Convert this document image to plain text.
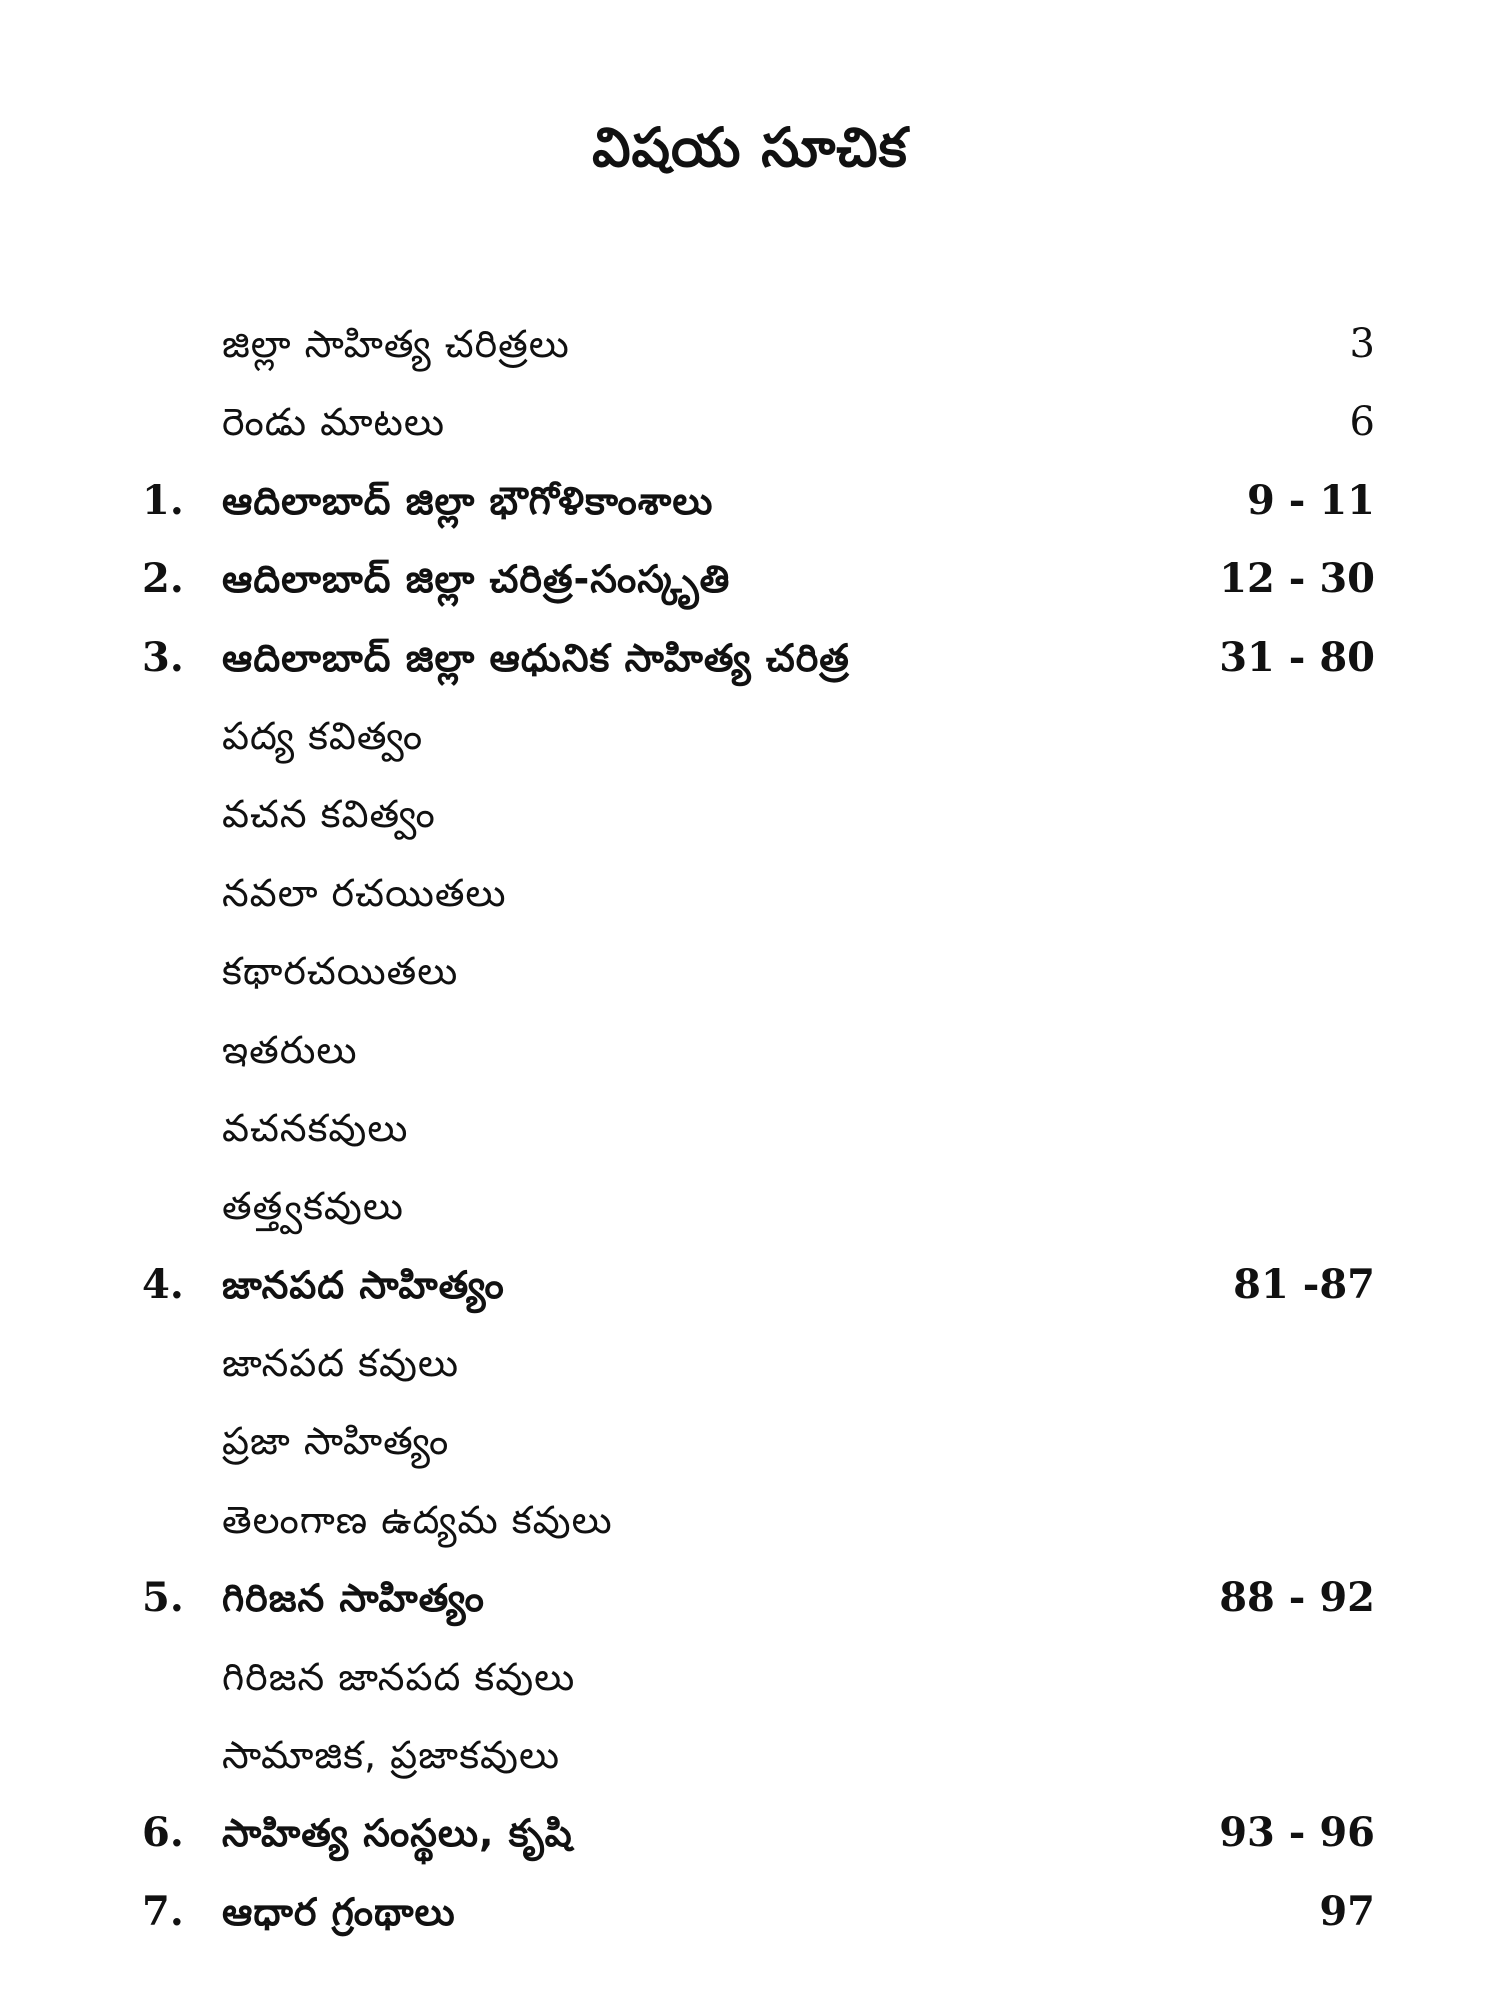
విషయ సూచిక
జిల్లా సాహిత్య చరిత్రలు	3
రెండు మాటలు	6
1.	ఆదిలాబాద్ జిల్లా భౌగోళికాంశాలు	9 - 11
2.	ఆదిలాబాద్ జిల్లా చరిత్ర-సంస్కృతి	12 - 30
3.	ఆదిలాబాద్ జిల్లా ఆధునిక సాహిత్య చరిత్ర	31 - 80
పద్య కవిత్వం
వచన కవిత్వం
నవలా రచయితలు
కథారచయితలు
ఇతరులు
వచనకవులు
తత్త్వకవులు
4.	జానపద సాహిత్యం	81 -87
జానపద కవులు
ప్రజా సాహిత్యం
తెలంగాణ ఉద్యమ కవులు
5.	గిరిజన సాహిత్యం	88 - 92
గిరిజన జానపద కవులు
సామాజిక, ప్రజాకవులు
6.	సాహిత్య సంస్థలు, కృషి	93 - 96
7.	ఆధార గ్రంథాలు	97
